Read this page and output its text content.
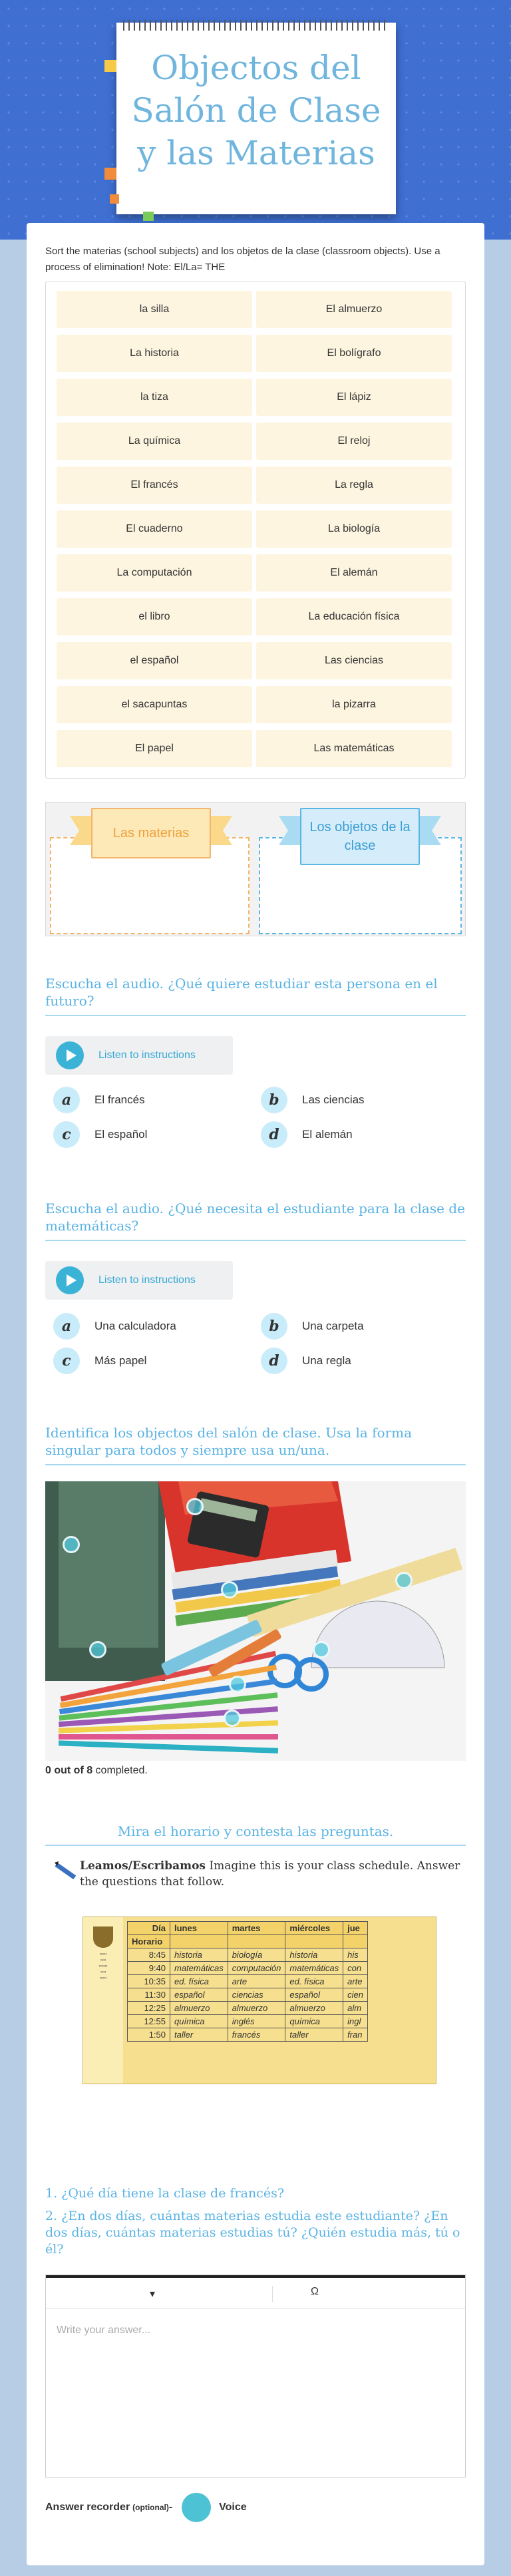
Objectos del Salón de Clase y las Materias
Sort the materias (school subjects) and los objetos de la clase (classroom objects). Use a process of elimination! Note: El/La= THE
la silla	El almuerzo
La historia	El bolígrafo
la tiza	El lápiz
La química	El reloj
El francés	La regla
El cuaderno	La biología
La computación	El alemán
el libro	La educación física
el español	Las ciencias
el sacapuntas	la pizarra
El papel	Las matemáticas
Las materias	Los objetos de la clase
Escucha el audio. ¿Qué quiere estudiar esta persona en el futuro?
Listen to instructions
a	El francés	b	Las ciencias
c	El español	d	El alemán
Escucha el audio. ¿Qué necesita el estudiante para la clase de matemáticas?
Listen to instructions
a	Una calculadora	b	Una carpeta
c	Más papel	d	Una regla
Identifica los objectos del salón de clase. Usa la forma singular para todos y siempre usa un/una.
0 out of 8 completed.
Mira el horario y contesta las preguntas.
Leamos/Escribamos Imagine this is your class schedule. Answer the questions that follow.
▪▪▪▪▪
▪▪▪▪
▪▪▪▪▪▪
▪▪▪▪
▪▪▪▪▪
Día	lunes	martes	miércoles	jue
Horario				
8:45	historia	biología	historia	his
9:40	matemáticas	computación	matemáticas	con
10:35	ed. física	arte	ed. física	arte
11:30	español	ciencias	español	cien
12:25	almuerzo	almuerzo	almuerzo	alm
12:55	química	inglés	química	ingl
1:50	taller	francés	taller	fran
1. ¿Qué día tiene la clase de francés?
2. ¿En dos días, cuántas materias estudia este estudiante? ¿En dos días, cuántas materias estudias tú? ¿Quién estudia más, tú o él?
▾	Ω
Write your answer...
Answer recorder (optional) -	Voice
